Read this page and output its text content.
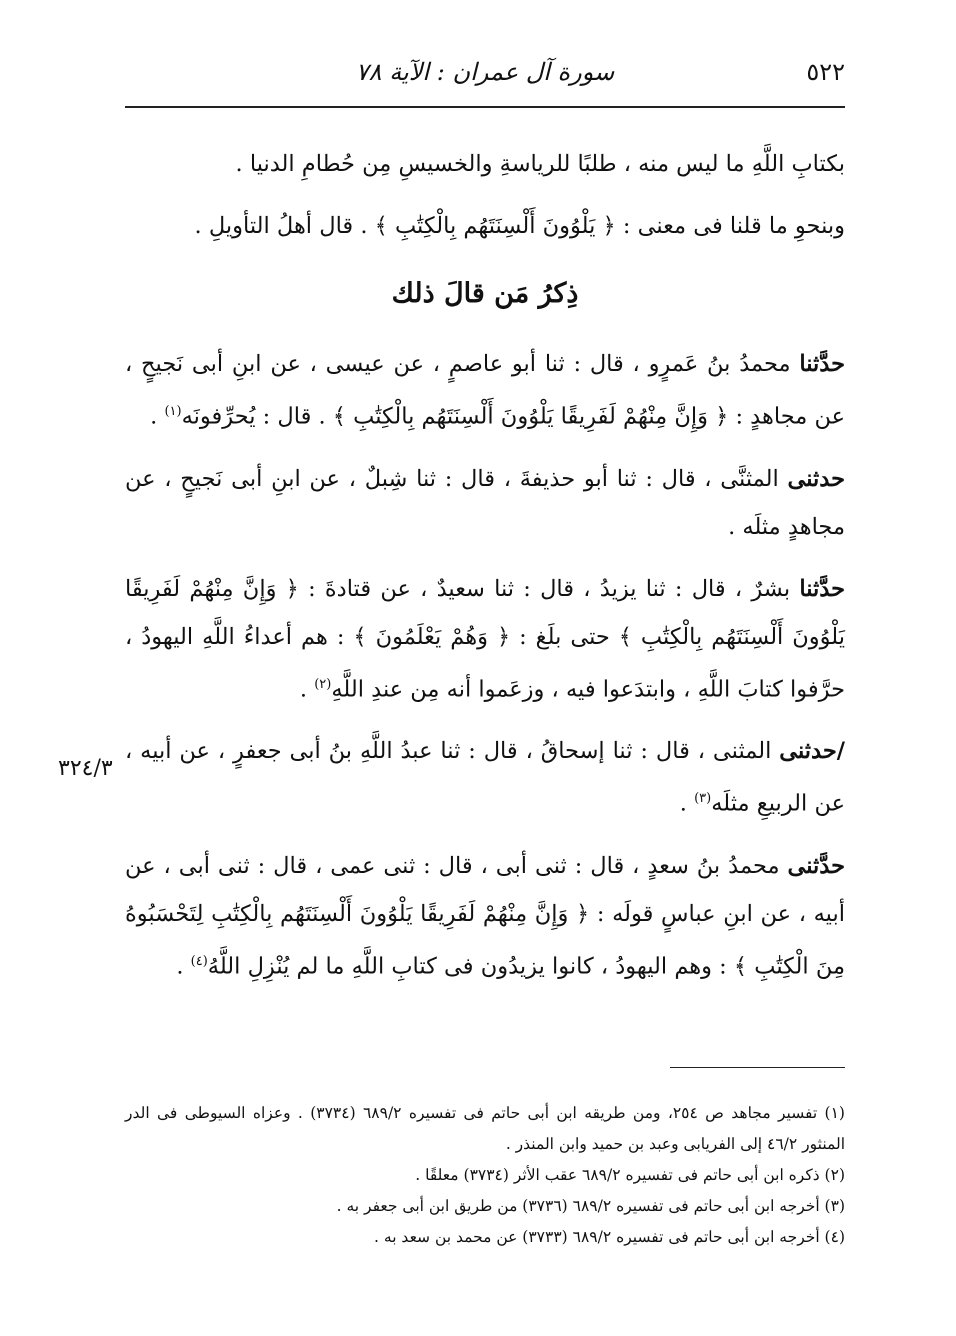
٥٢٢
سورة آل عمران : الآية ٧٨

بكتابِ اللَّهِ ما ليس منه ، طلبًا للرياسةِ والخسيسِ مِن حُطامِ الدنيا .

وبنحوِ ما قلنا فى معنى : ﴿ يَلْوُونَ أَلْسِنَتَهُم بِالْكِتَٰبِ ﴾ . قال أهلُ التأويلِ .

ذِكرُ مَن قالَ ذلك

حدَّثنا محمدُ بنُ عَمرٍو ، قال : ثنا أبو عاصمٍ ، عن عيسى ، عن ابنِ أبى نَجيحٍ ، عن مجاهدٍ : ﴿ وَإِنَّ مِنْهُمْ لَفَرِيقًا يَلْوُونَ أَلْسِنَتَهُم بِالْكِتَٰبِ ﴾ . قال : يُحرِّفونَه$^{(١)}$ .

حدثنى المثنَّى ، قال : ثنا أبو حذيفةَ ، قال : ثنا شِبلٌ ، عن ابنِ أبى نَجيحٍ ، عن مجاهدٍ مثلَه .

حدَّثنا بشرٌ ، قال : ثنا يزيدُ ، قال : ثنا سعيدٌ ، عن قتادةَ : ﴿ وَإِنَّ مِنْهُمْ لَفَرِيقًا يَلْوُونَ أَلْسِنَتَهُم بِالْكِتَٰبِ ﴾ حتى بلَغ : ﴿ وَهُمْ يَعْلَمُونَ ﴾ : هم أعداءُ اللَّهِ اليهودُ ، حرَّفوا كتابَ اللَّهِ ، وابتدَعوا فيه ، وزعَموا أنه مِن عندِ اللَّهِ$^{(٢)}$ .

/حدثنى المثنى ، قال : ثنا إسحاقُ ، قال : ثنا عبدُ اللَّهِ بنُ أبى جعفرٍ ، عن أبيه ، عن الربيعِ مثلَه$^{(٣)}$ .

حدَّثنى محمدُ بنُ سعدٍ ، قال : ثنى أبى ، قال : ثنى عمى ، قال : ثنى أبى ، عن أبيه ، عن ابنِ عباسٍ قولَه : ﴿ وَإِنَّ مِنْهُمْ لَفَرِيقًا يَلْوُونَ أَلْسِنَتَهُم بِالْكِتَٰبِ لِتَحْسَبُوهُ مِنَ الْكِتَٰبِ ﴾ : وهم اليهودُ ، كانوا يزيدُون فى كتابِ اللَّهِ ما لم يُنْزِلِ اللَّهُ$^{(٤)}$ .

٣٢٤/٣

(١) تفسير مجاهد ص ٢٥٤، ومن طريقه ابن أبى حاتم فى تفسيره ٦٨٩/٢ (٣٧٣٤) . وعزاه السيوطى فى الدر المنثور ٤٦/٢ إلى الفريابى وعبد بن حميد وابن المنذر .

(٢) ذكره ابن أبى حاتم فى تفسيره ٦٨٩/٢ عقب الأثر (٣٧٣٤) معلقًا .

(٣) أخرجه ابن أبى حاتم فى تفسيره ٦٨٩/٢ (٣٧٣٦) من طريق ابن أبى جعفر به .

(٤) أخرجه ابن أبى حاتم فى تفسيره ٦٨٩/٢ (٣٧٣٣) عن محمد بن سعد به .
